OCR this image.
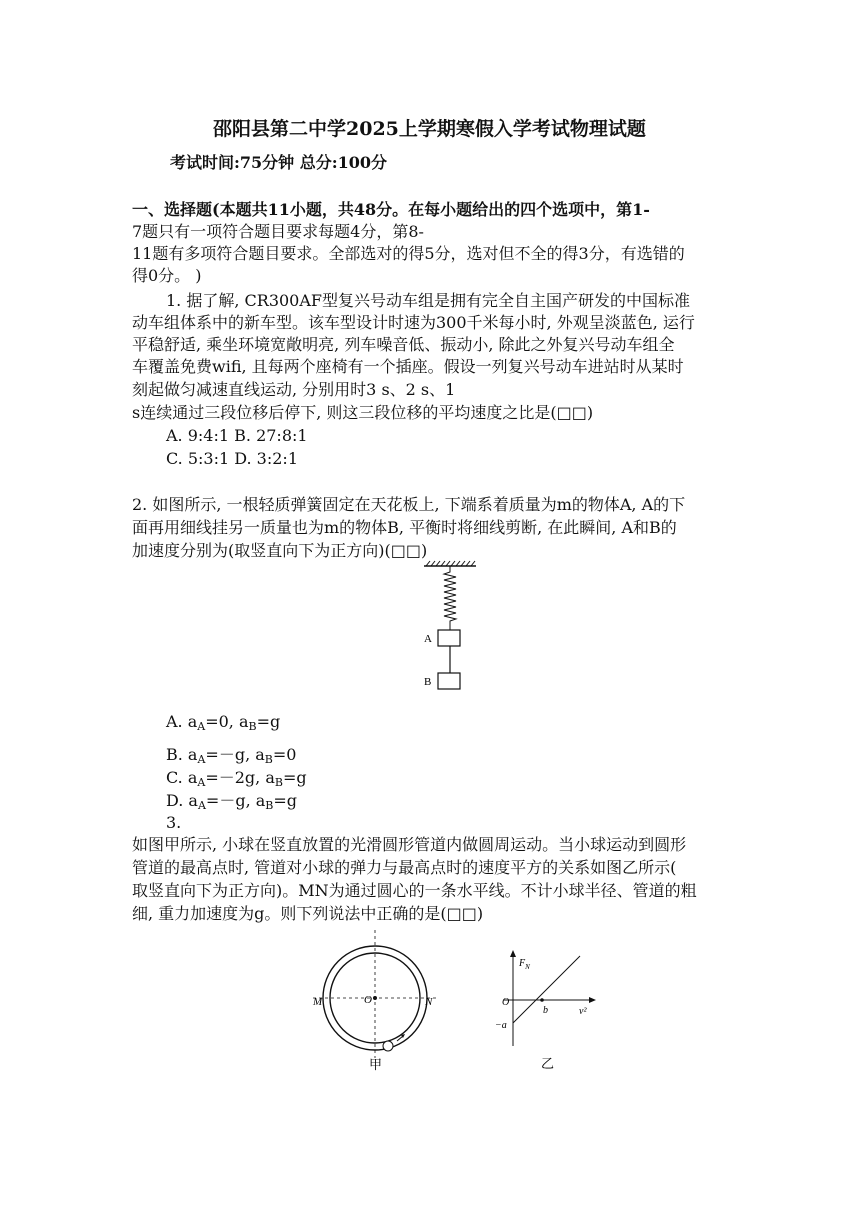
邵阳县第二中学2025上学期寒假入学考试物理试题
考试时间:75分钟 总分:100分
一、选择题(本题共11小题，共48分。在每小题给出的四个选项中，第1-
7题只有一项符合题目要求每题4分，第8-
11题有多项符合题目要求。全部选对的得5分，选对但不全的得3分，有选错的
得0分。 )
1. 据了解, CR300AF型复兴号动车组是拥有完全自主国产研发的中国标准
动车组体系中的新车型。该车型设计时速为300千米每小时, 外观呈淡蓝色, 运行
平稳舒适, 乘坐环境宽敞明亮, 列车噪音低、振动小, 除此之外复兴号动车组全
车覆盖免费wifi, 且每两个座椅有一个插座。假设一列复兴号动车进站时从某时
刻起做匀减速直线运动, 分别用时3 s、2 s、1
s连续通过三段位移后停下, 则这三段位移的平均速度之比是(□□)
A. 9:4:1 B. 27:8:1
C. 5:3:1 D. 3:2:1
2. 如图所示, 一根轻质弹簧固定在天花板上, 下端系着质量为m的物体A, A的下
面再用细线挂另一质量也为m的物体B, 平衡时将细线剪断, 在此瞬间, A和B的
加速度分别为(取竖直向下为正方向)(□□)
A
B
A. $a_A=0$, $a_B=g$
B. $a_A=-g$, $a_B=0$
C. $a_A=-2g$, $a_B=g$
D. $a_A=-g$, $a_B=g$
3.
如图甲所示, 小球在竖直放置的光滑圆形管道内做圆周运动。当小球运动到圆形
管道的最高点时, 管道对小球的弹力与最高点时的速度平方的关系如图乙所示(
取竖直向下为正方向)。MN为通过圆心的一条水平线。不计小球半径、管道的粗
细, 重力加速度为g。则下列说法中正确的是(□□)
M	O	N
甲
$F_N$
O
−a
b	v²
乙
